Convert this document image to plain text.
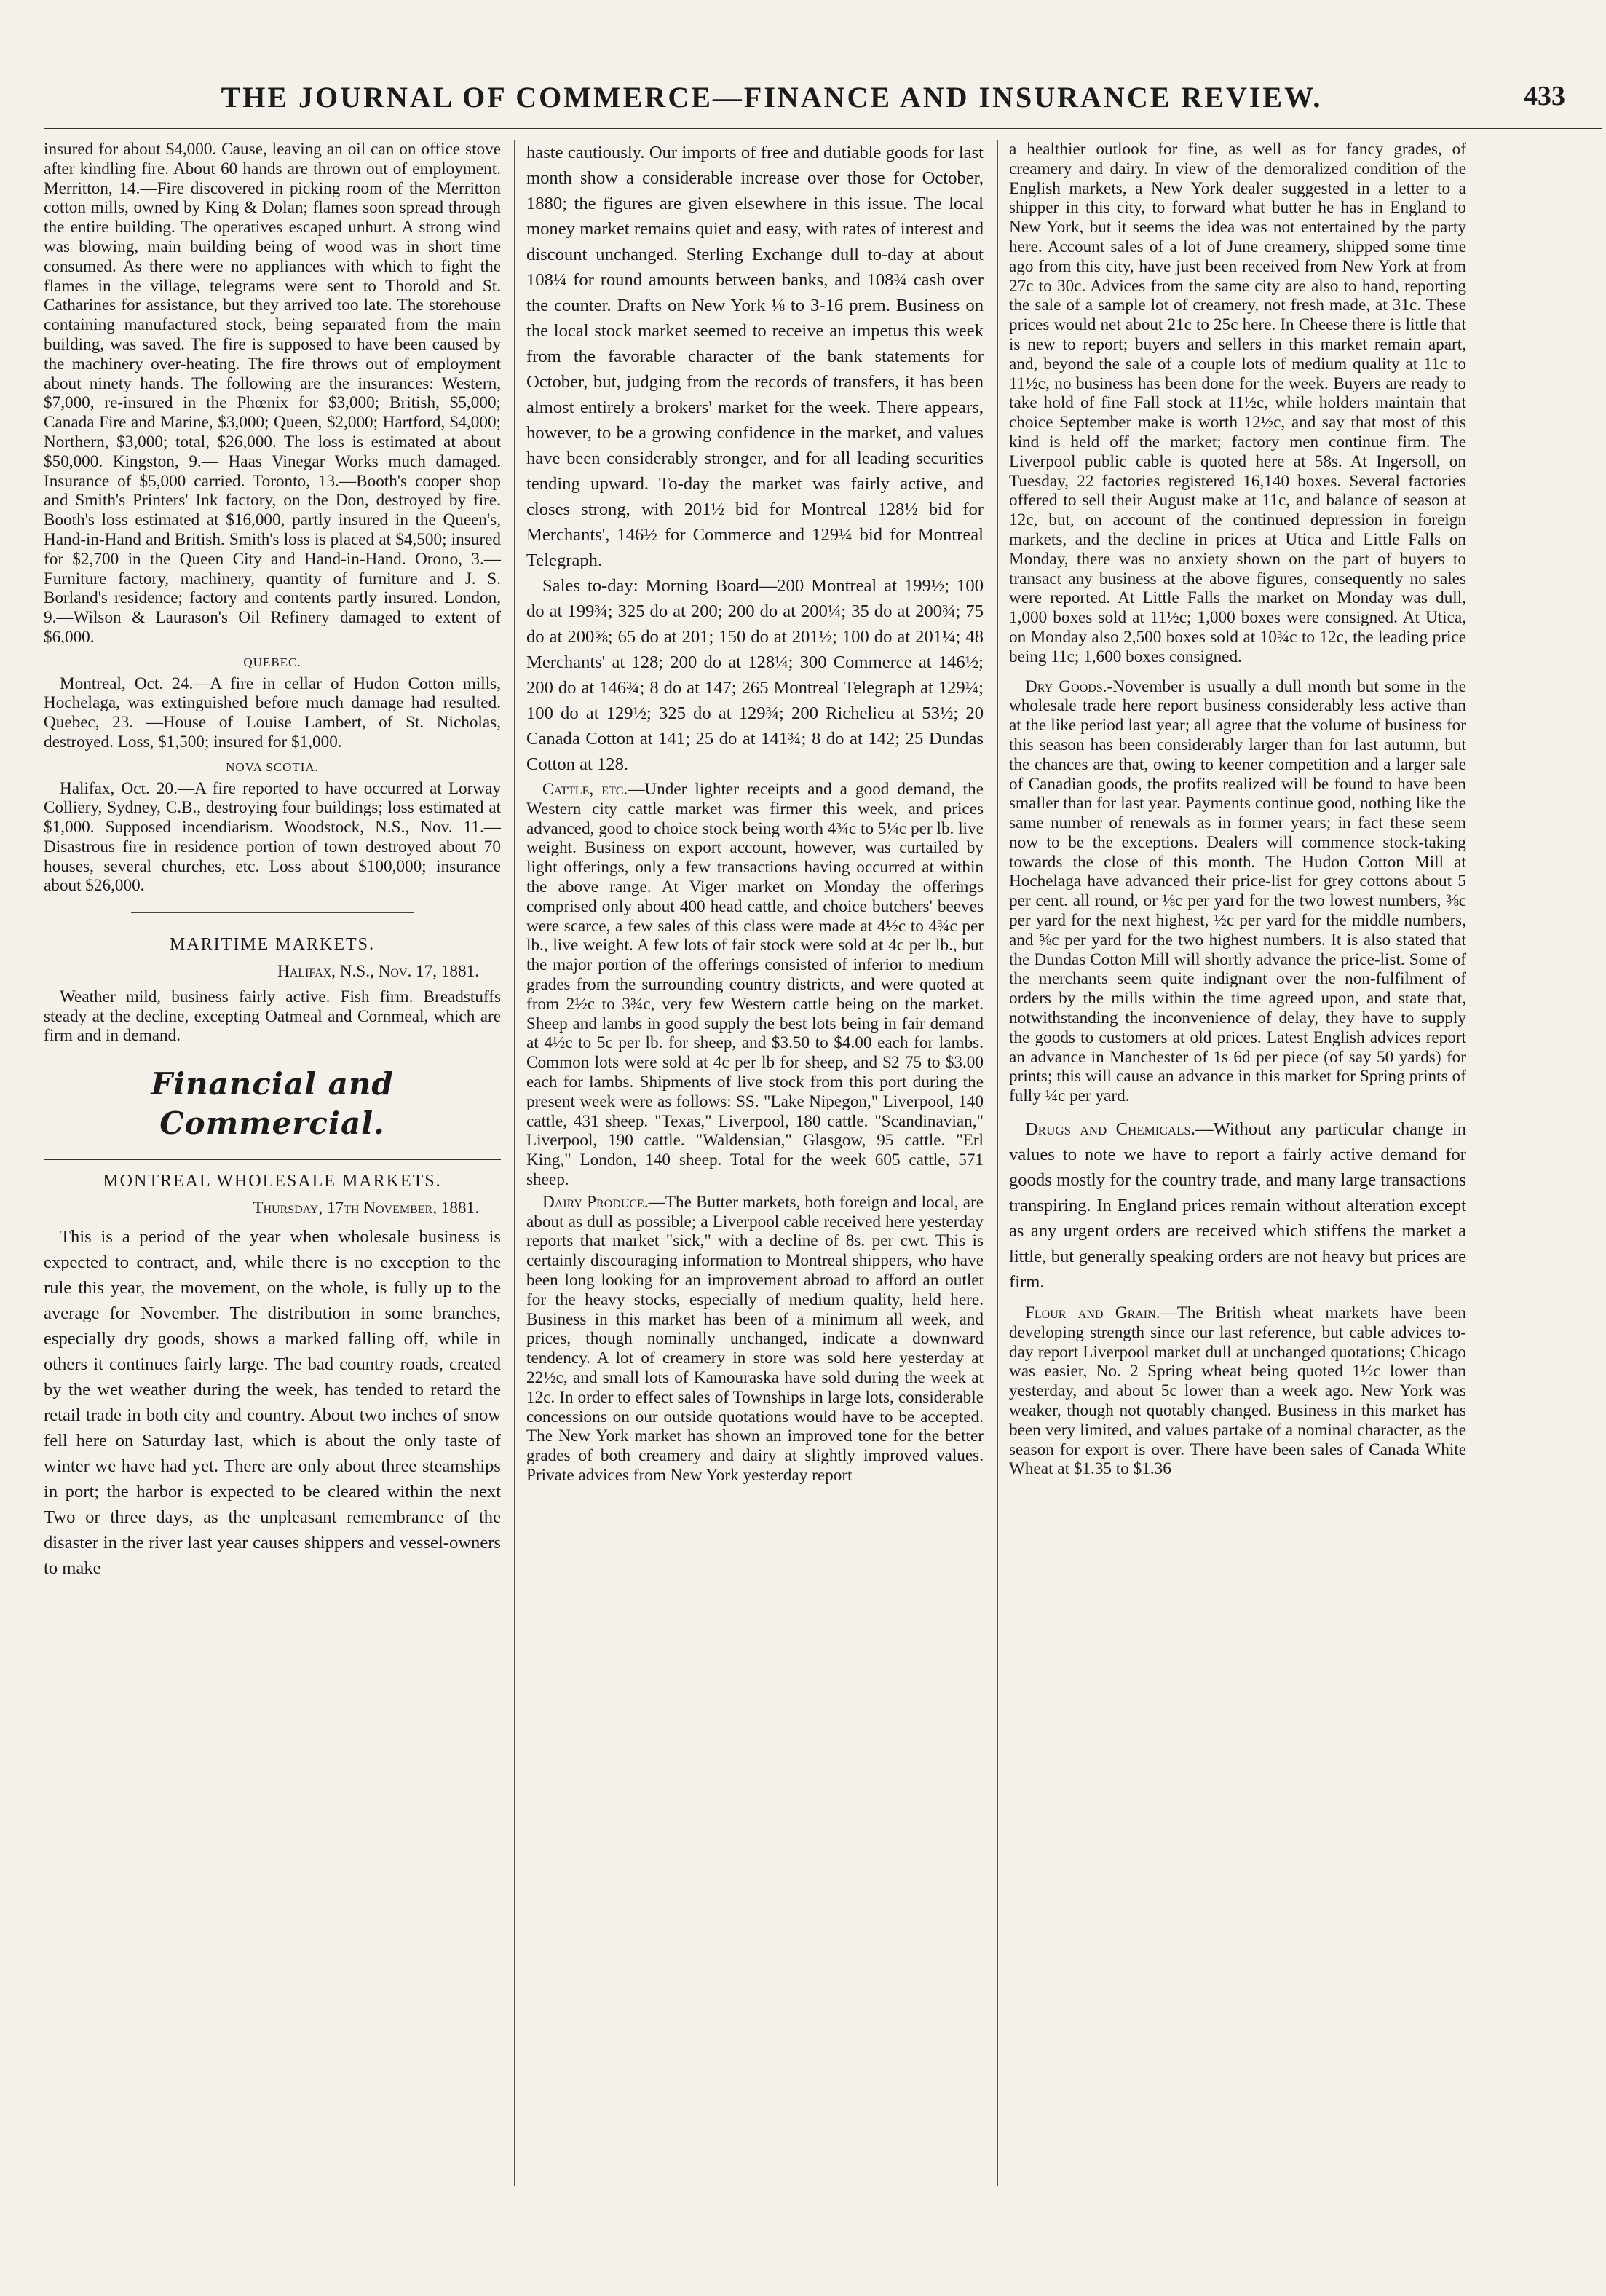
THE JOURNAL OF COMMERCE—FINANCE AND INSURANCE REVIEW.	433

insured for about $4,000. Cause, leaving an oil can on office stove after kindling fire. About 60 hands are thrown out of employment. Merritton, 14.—Fire discovered in picking room of the Merritton cotton mills, owned by King & Dolan; flames soon spread through the entire building. The operatives escaped unhurt. A strong wind was blowing, main building being of wood was in short time consumed. As there were no appliances with which to fight the flames in the village, telegrams were sent to Thorold and St. Catharines for assistance, but they arrived too late. The storehouse containing manufactured stock, being separated from the main building, was saved. The fire is supposed to have been caused by the machinery over-heating. The fire throws out of employment about ninety hands. The following are the insurances: Western, $7,000, re-insured in the Phœnix for $3,000; British, $5,000; Canada Fire and Marine, $3,000; Queen, $2,000; Hartford, $4,000; Northern, $3,000; total, $26,000. The loss is estimated at about $50,000. Kingston, 9.— Haas Vinegar Works much damaged. Insurance of $5,000 carried. Toronto, 13.—Booth's cooper shop and Smith's Printers' Ink factory, on the Don, destroyed by fire. Booth's loss estimated at $16,000, partly insured in the Queen's, Hand-in-Hand and British. Smith's loss is placed at $4,500; insured for $2,700 in the Queen City and Hand-in-Hand. Orono, 3.— Furniture factory, machinery, quantity of furniture and J. S. Borland's residence; factory and contents partly insured. London, 9.—Wilson & Laurason's Oil Refinery damaged to extent of $6,000.

QUEBEC.

Montreal, Oct. 24.—A fire in cellar of Hudon Cotton mills, Hochelaga, was extinguished before much damage had resulted. Quebec, 23. —House of Louise Lambert, of St. Nicholas, destroyed. Loss, $1,500; insured for $1,000.

NOVA SCOTIA.

Halifax, Oct. 20.—A fire reported to have occurred at Lorway Colliery, Sydney, C.B., destroying four buildings; loss estimated at $1,000. Supposed incendiarism. Woodstock, N.S., Nov. 11.—Disastrous fire in residence portion of town destroyed about 70 houses, several churches, etc. Loss about $100,000; insurance about $26,000.

MARITIME MARKETS.

Halifax, N.S., Nov. 17, 1881.

Weather mild, business fairly active. Fish firm. Breadstuffs steady at the decline, excepting Oatmeal and Cornmeal, which are firm and in demand.

Financial and Commercial.

MONTREAL WHOLESALE MARKETS.

Thursday, 17th November, 1881.

This is a period of the year when wholesale business is expected to contract, and, while there is no exception to the rule this year, the movement, on the whole, is fully up to the average for November. The distribution in some branches, especially dry goods, shows a marked falling off, while in others it continues fairly large. The bad country roads, created by the wet weather during the week, has tended to retard the retail trade in both city and country. About two inches of snow fell here on Saturday last, which is about the only taste of winter we have had yet. There are only about three steamships in port; the harbor is expected to be cleared within the next Two or three days, as the unpleasant remembrance of the disaster in the river last year causes shippers and vessel-owners to make

haste cautiously. Our imports of free and dutiable goods for last month show a considerable increase over those for October, 1880; the figures are given elsewhere in this issue. The local money market remains quiet and easy, with rates of interest and discount unchanged. Sterling Exchange dull to-day at about 108¼ for round amounts between banks, and 108¾ cash over the counter. Drafts on New York ⅛ to 3-16 prem. Business on the local stock market seemed to receive an impetus this week from the favorable character of the bank statements for October, but, judging from the records of transfers, it has been almost entirely a brokers' market for the week. There appears, however, to be a growing confidence in the market, and values have been considerably stronger, and for all leading securities tending upward. To-day the market was fairly active, and closes strong, with 201½ bid for Montreal 128½ bid for Merchants', 146½ for Commerce and 129¼ bid for Montreal Telegraph.

Sales to-day: Morning Board—200 Montreal at 199½; 100 do at 199¾; 325 do at 200; 200 do at 200¼; 35 do at 200¾; 75 do at 200⅝; 65 do at 201; 150 do at 201½; 100 do at 201¼; 48 Merchants' at 128; 200 do at 128¼; 300 Commerce at 146½; 200 do at 146¾; 8 do at 147; 265 Montreal Telegraph at 129¼; 100 do at 129½; 325 do at 129¾; 200 Richelieu at 53½; 20 Canada Cotton at 141; 25 do at 141¾; 8 do at 142; 25 Dundas Cotton at 128.

Cattle, etc.—Under lighter receipts and a good demand, the Western city cattle market was firmer this week, and prices advanced, good to choice stock being worth 4¾c to 5¼c per lb. live weight. Business on export account, however, was curtailed by light offerings, only a few transactions having occurred at within the above range. At Viger market on Monday the offerings comprised only about 400 head cattle, and choice butchers' beeves were scarce, a few sales of this class were made at 4½c to 4¾c per lb., live weight. A few lots of fair stock were sold at 4c per lb., but the major portion of the offerings consisted of inferior to medium grades from the surrounding country districts, and were quoted at from 2½c to 3¾c, very few Western cattle being on the market. Sheep and lambs in good supply the best lots being in fair demand at 4½c to 5c per lb. for sheep, and $3.50 to $4.00 each for lambs. Common lots were sold at 4c per lb for sheep, and $2 75 to $3.00 each for lambs. Shipments of live stock from this port during the present week were as follows: SS. "Lake Nipegon," Liverpool, 140 cattle, 431 sheep. "Texas," Liverpool, 180 cattle. "Scandinavian," Liverpool, 190 cattle. "Waldensian," Glasgow, 95 cattle. "Erl King," London, 140 sheep. Total for the week 605 cattle, 571 sheep.

Dairy Produce.—The Butter markets, both foreign and local, are about as dull as possible; a Liverpool cable received here yesterday reports that market "sick," with a decline of 8s. per cwt. This is certainly discouraging information to Montreal shippers, who have been long looking for an improvement abroad to afford an outlet for the heavy stocks, especially of medium quality, held here. Business in this market has been of a minimum all week, and prices, though nominally unchanged, indicate a downward tendency. A lot of creamery in store was sold here yesterday at 22½c, and small lots of Kamouraska have sold during the week at 12c. In order to effect sales of Townships in large lots, considerable concessions on our outside quotations would have to be accepted. The New York market has shown an improved tone for the better grades of both creamery and dairy at slightly improved values. Private advices from New York yesterday report

a healthier outlook for fine, as well as for fancy grades, of creamery and dairy. In view of the demoralized condition of the English markets, a New York dealer suggested in a letter to a shipper in this city, to forward what butter he has in England to New York, but it seems the idea was not entertained by the party here. Account sales of a lot of June creamery, shipped some time ago from this city, have just been received from New York at from 27c to 30c. Advices from the same city are also to hand, reporting the sale of a sample lot of creamery, not fresh made, at 31c. These prices would net about 21c to 25c here. In Cheese there is little that is new to report; buyers and sellers in this market remain apart, and, beyond the sale of a couple lots of medium quality at 11c to 11½c, no business has been done for the week. Buyers are ready to take hold of fine Fall stock at 11½c, while holders maintain that choice September make is worth 12½c, and say that most of this kind is held off the market; factory men continue firm. The Liverpool public cable is quoted here at 58s. At Ingersoll, on Tuesday, 22 factories registered 16,140 boxes. Several factories offered to sell their August make at 11c, and balance of season at 12c, but, on account of the continued depression in foreign markets, and the decline in prices at Utica and Little Falls on Monday, there was no anxiety shown on the part of buyers to transact any business at the above figures, consequently no sales were reported. At Little Falls the market on Monday was dull, 1,000 boxes sold at 11½c; 1,000 boxes were consigned. At Utica, on Monday also 2,500 boxes sold at 10¾c to 12c, the leading price being 11c; 1,600 boxes consigned.

Dry Goods.-November is usually a dull month but some in the wholesale trade here report business considerably less active than at the like period last year; all agree that the volume of business for this season has been considerably larger than for last autumn, but the chances are that, owing to keener competition and a larger sale of Canadian goods, the profits realized will be found to have been smaller than for last year. Payments continue good, nothing like the same number of renewals as in former years; in fact these seem now to be the exceptions. Dealers will commence stock-taking towards the close of this month. The Hudon Cotton Mill at Hochelaga have advanced their price-list for grey cottons about 5 per cent. all round, or ⅛c per yard for the two lowest numbers, ⅜c per yard for the next highest, ½c per yard for the middle numbers, and ⅝c per yard for the two highest numbers. It is also stated that the Dundas Cotton Mill will shortly advance the price-list. Some of the merchants seem quite indignant over the non-fulfilment of orders by the mills within the time agreed upon, and state that, notwithstanding the inconvenience of delay, they have to supply the goods to customers at old prices. Latest English advices report an advance in Manchester of 1s 6d per piece (of say 50 yards) for prints; this will cause an advance in this market for Spring prints of fully ¼c per yard.

Drugs and Chemicals.—Without any particular change in values to note we have to report a fairly active demand for goods mostly for the country trade, and many large transactions transpiring. In England prices remain without alteration except as any urgent orders are received which stiffens the market a little, but generally speaking orders are not heavy but prices are firm.

Flour and Grain.—The British wheat markets have been developing strength since our last reference, but cable advices to-day report Liverpool market dull at unchanged quotations; Chicago was easier, No. 2 Spring wheat being quoted 1½c lower than yesterday, and about 5c lower than a week ago. New York was weaker, though not quotably changed. Business in this market has been very limited, and values partake of a nominal character, as the season for export is over. There have been sales of Canada White Wheat at $1.35 to $1.36
